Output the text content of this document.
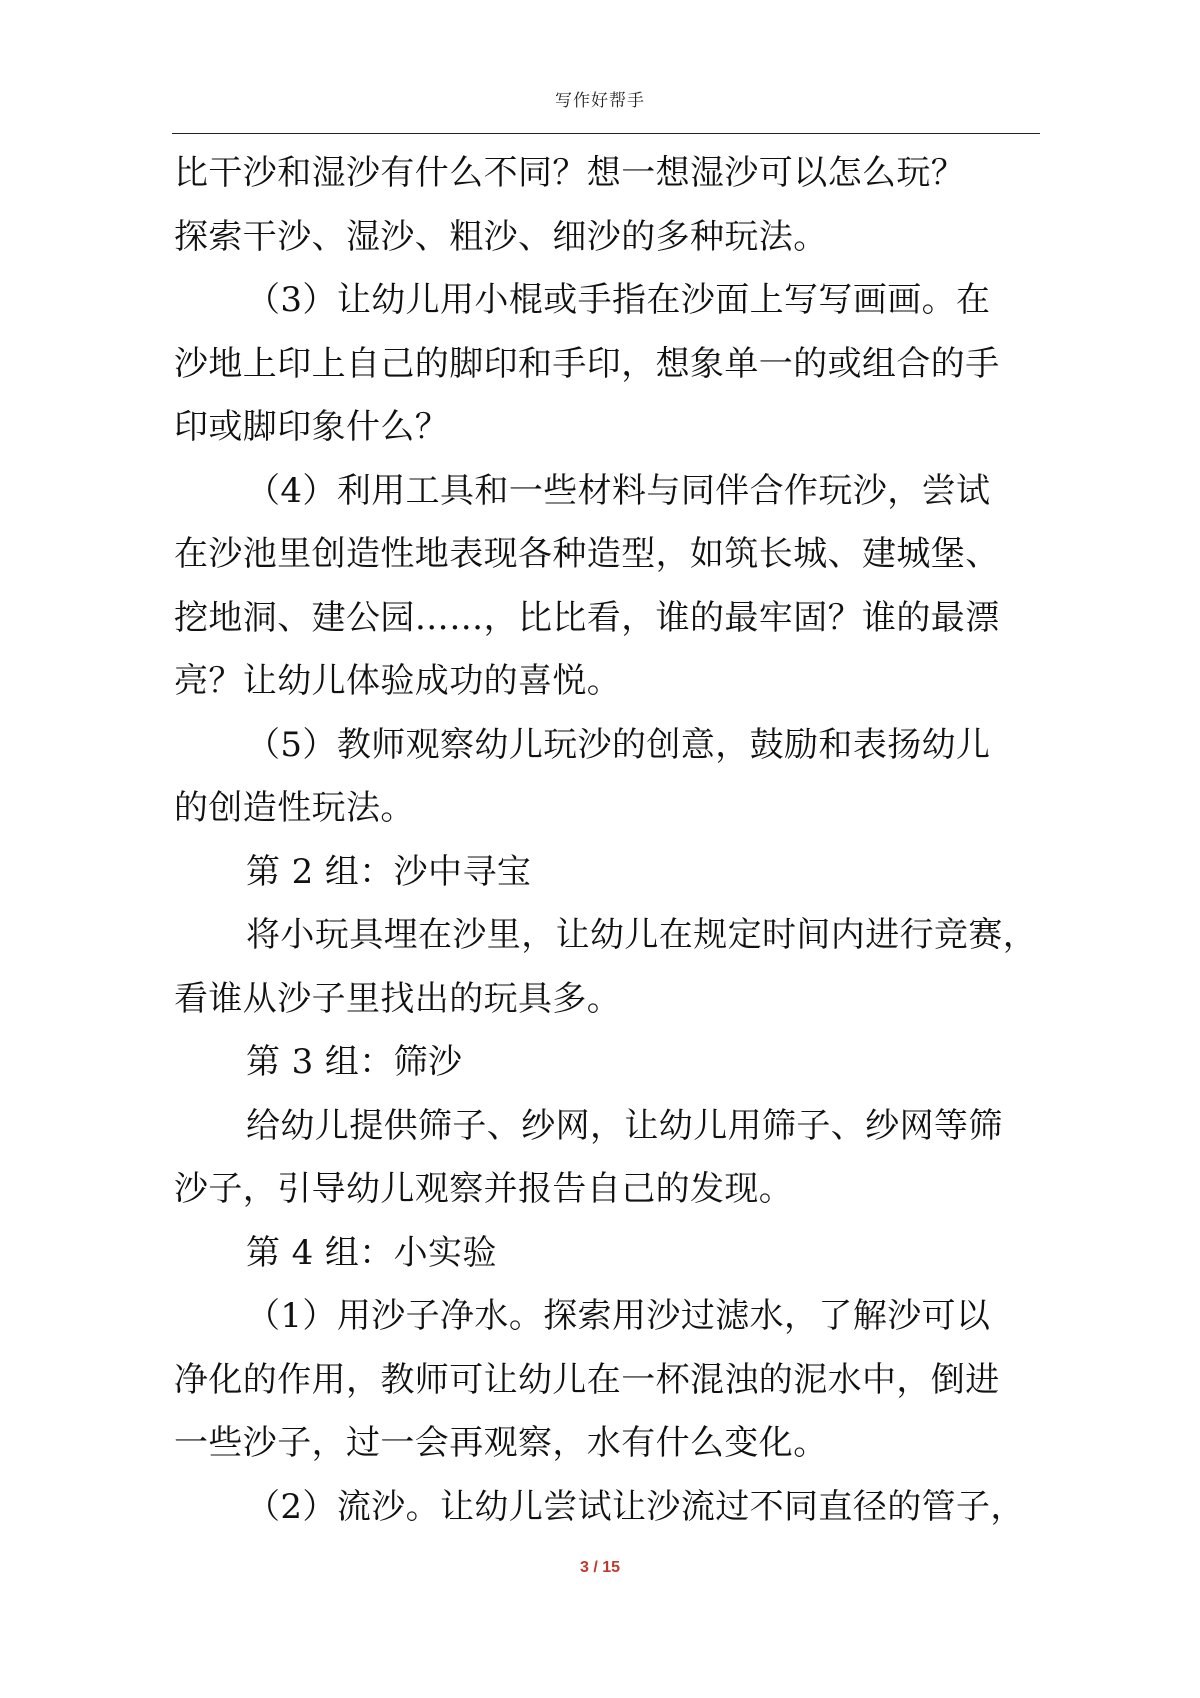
写作好帮手
比干沙和湿沙有什么不同？想一想湿沙可以怎么玩？
探索干沙、湿沙、粗沙、细沙的多种玩法。
（3）让幼儿用小棍或手指在沙面上写写画画。在
沙地上印上自己的脚印和手印，想象单一的或组合的手
印或脚印象什么？
（4）利用工具和一些材料与同伴合作玩沙，尝试
在沙池里创造性地表现各种造型，如筑长城、建城堡、
挖地洞、建公园……，比比看，谁的最牢固？谁的最漂
亮？让幼儿体验成功的喜悦。
（5）教师观察幼儿玩沙的创意，鼓励和表扬幼儿
的创造性玩法。
第 2 组：沙中寻宝
将小玩具埋在沙里，让幼儿在规定时间内进行竞赛，
看谁从沙子里找出的玩具多。
第 3 组：筛沙
给幼儿提供筛子、纱网，让幼儿用筛子、纱网等筛
沙子，引导幼儿观察并报告自己的发现。
第 4 组：小实验
（1）用沙子净水。探索用沙过滤水，了解沙可以
净化的作用，教师可让幼儿在一杯混浊的泥水中，倒进
一些沙子，过一会再观察，水有什么变化。
（2）流沙。让幼儿尝试让沙流过不同直径的管子，
3 / 15
